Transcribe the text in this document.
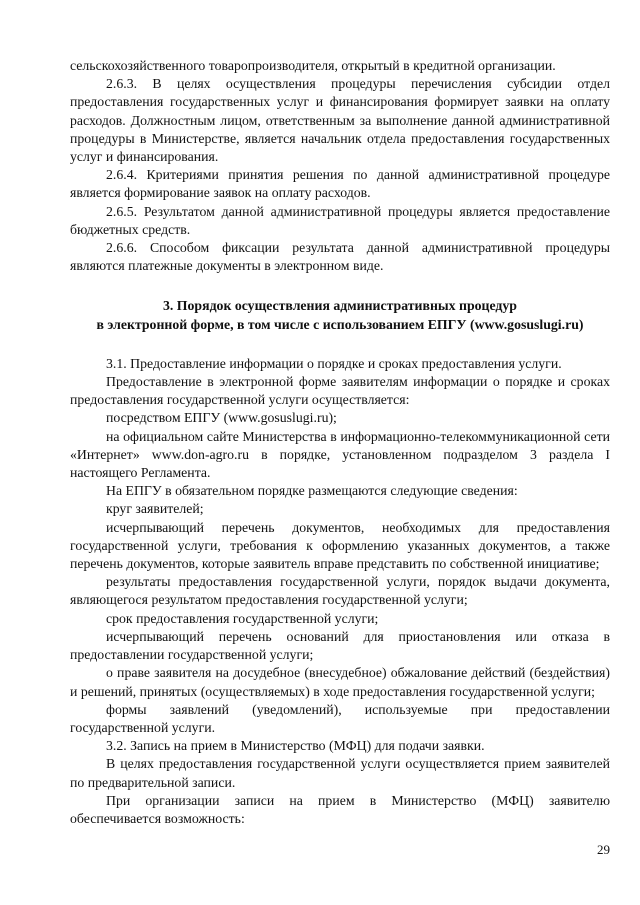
сельскохозяйственного товаропроизводителя, открытый в кредитной организации.

2.6.3. В целях осуществления процедуры перечисления субсидии отдел предоставления государственных услуг и финансирования формирует заявки на оплату расходов. Должностным лицом, ответственным за выполнение данной административной процедуры в Министерстве, является начальник отдела предоставления государственных услуг и финансирования.

2.6.4. Критериями принятия решения по данной административной процедуре является формирование заявок на оплату расходов.

2.6.5. Результатом данной административной процедуры является предоставление бюджетных средств.

2.6.6. Способом фиксации результата данной административной процедуры являются платежные документы в электронном виде.

3. Порядок осуществления административных процедур

в электронной форме, в том числе с использованием ЕПГУ (www.gosuslugi.ru)

3.1. Предоставление информации о порядке и сроках предоставления услуги.

Предоставление в электронной форме заявителям информации о порядке и сроках предоставления государственной услуги осуществляется:

посредством ЕПГУ (www.gosuslugi.ru);

на официальном сайте Министерства в информационно-телекоммуникационной сети «Интернет» www.don-agro.ru в порядке, установленном подразделом 3 раздела I настоящего Регламента.

На ЕПГУ в обязательном порядке размещаются следующие сведения:

круг заявителей;

исчерпывающий перечень документов, необходимых для предоставления государственной услуги, требования к оформлению указанных документов, а также перечень документов, которые заявитель вправе представить по собственной инициативе;

результаты предоставления государственной услуги, порядок выдачи документа, являющегося результатом предоставления государственной услуги;

срок предоставления государственной услуги;

исчерпывающий перечень оснований для приостановления или отказа в предоставлении государственной услуги;

о праве заявителя на досудебное (внесудебное) обжалование действий (бездействия) и решений, принятых (осуществляемых) в ходе предоставления государственной услуги;

формы заявлений (уведомлений), используемые при предоставлении государственной услуги.

3.2. Запись на прием в Министерство (МФЦ) для подачи заявки.

В целях предоставления государственной услуги осуществляется прием заявителей по предварительной записи.

При организации записи на прием в Министерство (МФЦ) заявителю обеспечивается возможность:

29
